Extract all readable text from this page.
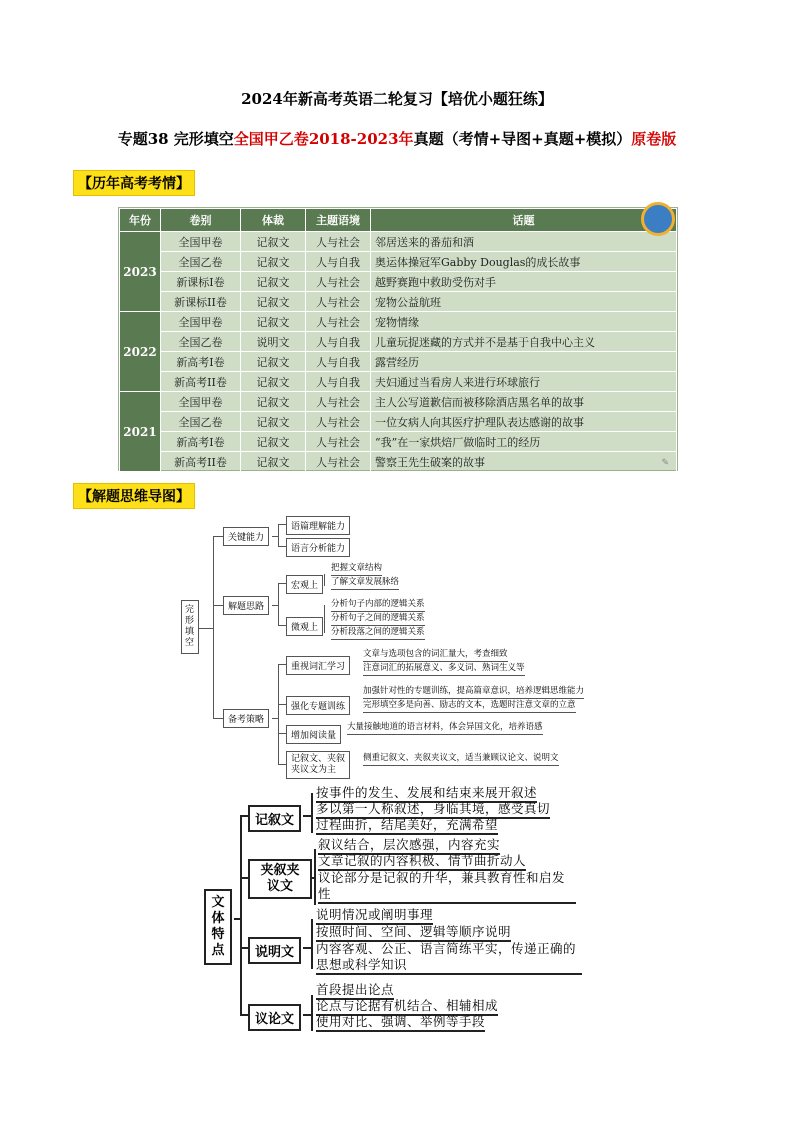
2024年新高考英语二轮复习【培优小题狂练】
专题38 完形填空全国甲乙卷2018-2023年真题（考情+导图+真题+模拟）原卷版
【历年高考考情】
年份	卷别	体裁	主题语境	话题
2023	全国甲卷	记叙文	人与社会	邻居送来的番茄和酒
	全国乙卷	记叙文	人与自我	奥运体操冠军Gabby Douglas的成长故事
	新课标I卷	记叙文	人与社会	越野赛跑中救助受伤对手
	新课标II卷	记叙文	人与社会	宠物公益航班
2022	全国甲卷	记叙文	人与社会	宠物情缘
	全国乙卷	说明文	人与自我	儿童玩捉迷藏的方式并不是基于自我中心主义
	新高考I卷	记叙文	人与自我	露营经历
	新高考II卷	记叙文	人与自我	夫妇通过当看房人来进行环球旅行
2021	全国甲卷	记叙文	人与社会	主人公写道歉信而被移除酒店黑名单的故事
	全国乙卷	记叙文	人与社会	一位女病人向其医疗护理队表达感谢的故事
	新高考I卷	记叙文	人与社会	“我”在一家烘焙厂做临时工的经历
	新高考II卷	记叙文	人与社会	警察王先生破案的故事	✎
【解题思维导图】
完形填空
关键能力
语篇理解能力
语言分析能力
解题思路
宏观上
微观上
把握文章结构
了解文章发展脉络
分析句子内部的逻辑关系
分析句子之间的逻辑关系
分析段落之间的逻辑关系
备考策略
重视词汇学习
强化专题训练
增加阅读量
记叙文、夹叙夹议文为主
文章与选项包含的词汇量大，考查细致
注意词汇的拓展意义、多义词、熟词生义等
加强针对性的专题训练，提高篇章意识，培养逻辑思维能力
完形填空多是向善、励志的文本，选题时注意文章的立意
大量接触地道的语言材料，体会异国文化，培养语感
侧重记叙文、夹叙夹议文，适当兼顾议论文、说明文
文体特点
记叙文
按事件的发生、发展和结束来展开叙述
多以第一人称叙述，身临其境，感受真切
过程曲折，结尾美好，充满希望
夹叙夹议文
叙议结合，层次感强，内容充实
文章记叙的内容积极、情节曲折动人
议论部分是记叙的升华，兼具教育性和启发性
说明文
说明情况或阐明事理
按照时间、空间、逻辑等顺序说明
内容客观、公正、语言简练平实，传递正确的思想或科学知识
议论文
首段提出论点
论点与论据有机结合、相辅相成
使用对比、强调、举例等手段
